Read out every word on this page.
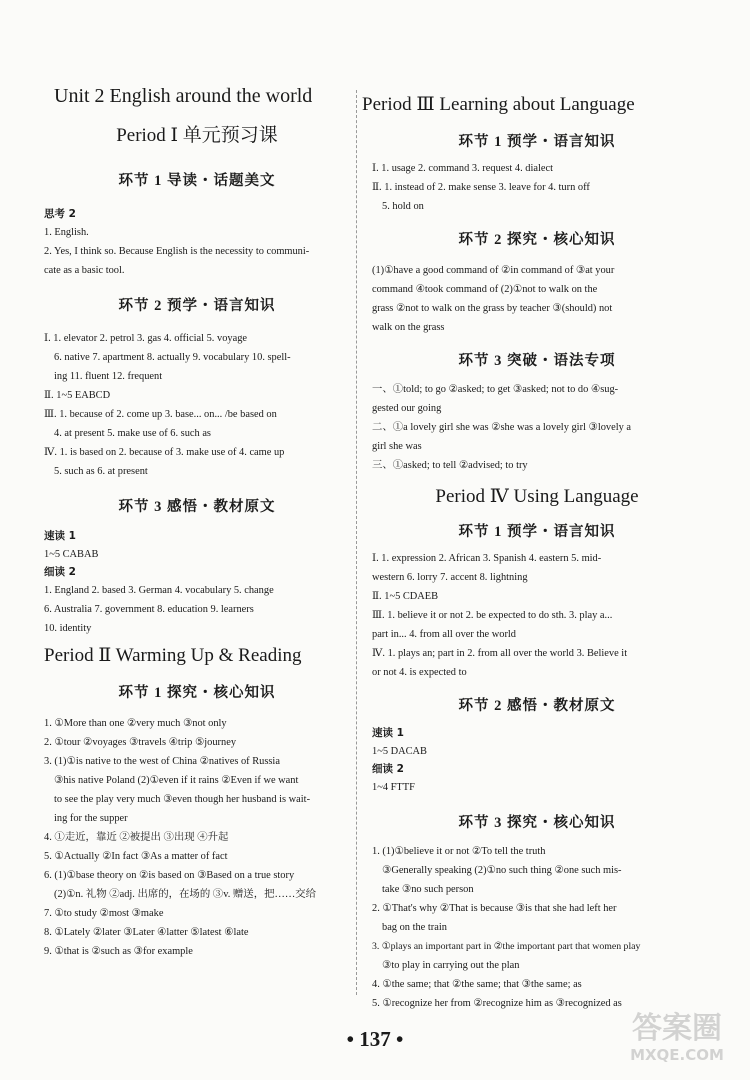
Unit 2 English around the world
Period Ⅰ 单元预习课
环节 1 导读・话题美文
思考 2
1. English.
2. Yes, I think so. Because English is the necessity to communi-
cate as a basic tool.
环节 2 预学・语言知识
Ⅰ. 1. elevator 2. petrol 3. gas 4. official 5. voyage
6. native 7. apartment 8. actually 9. vocabulary 10. spell-
ing 11. fluent 12. frequent
Ⅱ. 1~5 EABCD
Ⅲ. 1. because of 2. come up 3. base... on... /be based on
4. at present 5. make use of 6. such as
Ⅳ. 1. is based on 2. because of 3. make use of 4. came up
5. such as 6. at present
环节 3 感悟・教材原文
速读 1
1~5 CABAB
细读 2
1. England 2. based 3. German 4. vocabulary 5. change
6. Australia 7. government 8. education 9. learners
10. identity
Period Ⅱ Warming Up & Reading
环节 1 探究・核心知识
1. ①More than one ②very much ③not only
2. ①tour ②voyages ③travels ④trip ⑤journey
3. (1)①is native to the west of China ②natives of Russia
③his native Poland (2)①even if it rains ②Even if we want
to see the play very much ③even though her husband is wait-
ing for the supper
4. ①走近，靠近 ②被提出 ③出现 ④升起
5. ①Actually ②In fact ③As a matter of fact
6. (1)①base theory on ②is based on ③Based on a true story
(2)①n. 礼物 ②adj. 出席的，在场的 ③v. 赠送，把……交给
7. ①to study ②most ③make
8. ①Lately ②later ③Later ④latter ⑤latest ⑥late
9. ①that is ②such as ③for example
Period Ⅲ Learning about Language
环节 1 预学・语言知识
Ⅰ. 1. usage 2. command 3. request 4. dialect
Ⅱ. 1. instead of 2. make sense 3. leave for 4. turn off
5. hold on
环节 2 探究・核心知识
(1)①have a good command of ②in command of ③at your
command ④took command of (2)①not to walk on the
grass ②not to walk on the grass by teacher ③(should) not
walk on the grass
环节 3 突破・语法专项
一、①told; to go ②asked; to get ③asked; not to do ④sug-
gested our going
二、①a lovely girl she was ②she was a lovely girl ③lovely a
girl she was
三、①asked; to tell ②advised; to try
Period Ⅳ Using Language
环节 1 预学・语言知识
Ⅰ. 1. expression 2. African 3. Spanish 4. eastern 5. mid-
western 6. lorry 7. accent 8. lightning
Ⅱ. 1~5 CDAEB
Ⅲ. 1. believe it or not 2. be expected to do sth. 3. play a...
part in... 4. from all over the world
Ⅳ. 1. plays an; part in 2. from all over the world 3. Believe it
or not 4. is expected to
环节 2 感悟・教材原文
速读 1
1~5 DACAB
细读 2
1~4 FTTF
环节 3 探究・核心知识
1. (1)①believe it or not ②To tell the truth
③Generally speaking (2)①no such thing ②one such mis-
take ③no such person
2. ①That's why ②That is because ③is that she had left her
bag on the train
3. ①plays an important part in ②the important part that women play
③to play in carrying out the plan
4. ①the same; that ②the same; that ③the same; as
5. ①recognize her from ②recognize him as ③recognized as
• 137 •	答案圈
MXQE.COM
